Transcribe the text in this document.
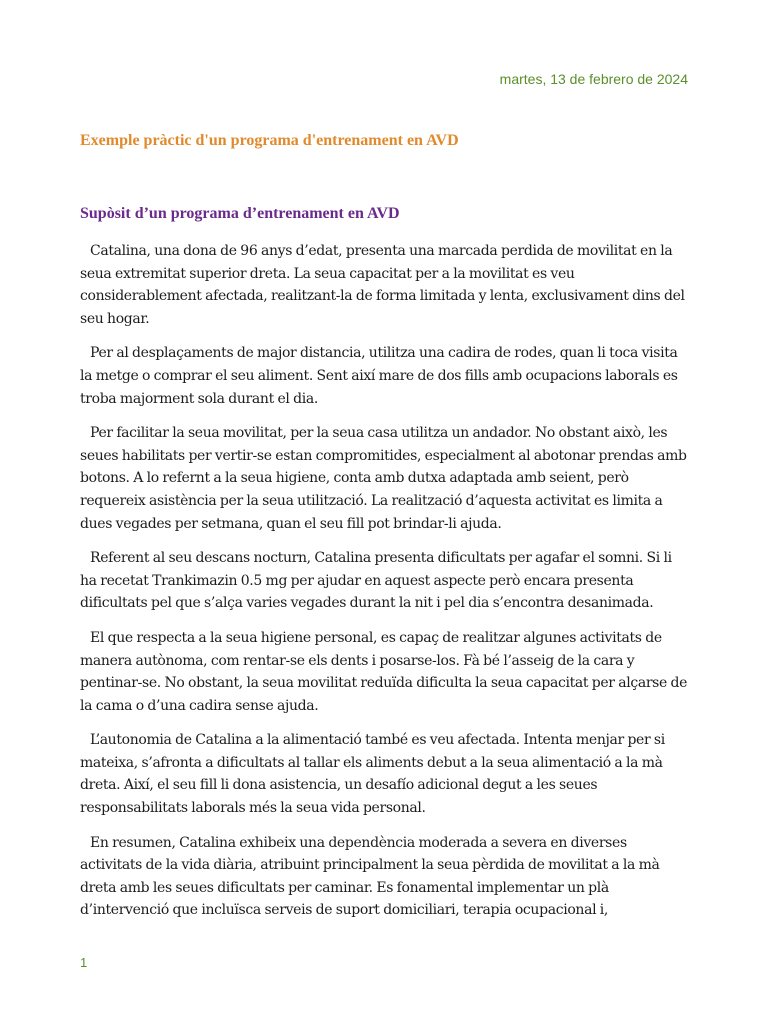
martes, 13 de febrero de 2024
Exemple pràctic d'un programa d'entrenament en AVD
Supòsit d’un programa d’entrenament en AVD

Catalina, una dona de 96 anys d’edat, presenta una marcada perdida de movilitat en la seua extremitat superior dreta. La seua capacitat per a la movilitat es veu considerablement afectada, realitzant-la de forma limitada y lenta, exclusivament dins del seu hogar.

Per al desplaçaments de major distancia, utilitza una cadira de rodes, quan li toca visita la metge o comprar el seu aliment. Sent així mare de dos fills amb ocupacions laborals es troba majorment sola durant el dia.

Per facilitar la seua movilitat, per la seua casa utilitza un andador. No obstant això, les seues habilitats per vertir-se estan compromitides, especialment al abotonar prendas amb botons. A lo refernt a la seua higiene, conta amb dutxa adaptada amb seient, però requereix asistència per la seua utilització. La realització d’aquesta activitat es limita a dues vegades per setmana, quan el seu fill pot brindar-li ajuda.

Referent al seu descans nocturn, Catalina presenta dificultats per agafar el somni. Si li ha recetat Trankimazin 0.5 mg per ajudar en aquest aspecte però encara presenta dificultats pel que s’alça varies vegades durant la nit i pel dia s’encontra desanimada.

El que respecta a la seua higiene personal, es capaç de realitzar algunes activitats de manera autònoma, com rentar-se els dents i posarse-los. Fà bé l’asseig de la cara y pentinar-se. No obstant, la seua movilitat reduïda dificulta la seua capacitat per alçarse de la cama o d’una cadira sense ajuda.

L’autonomia de Catalina a la alimentació també es veu afectada. Intenta menjar per si mateixa, s’afronta a dificultats al tallar els aliments debut a la seua alimentació a la mà dreta. Així, el seu fill li dona asistencia, un desafío adicional degut a les seues responsabilitats laborals més la seua vida personal.

En resumen, Catalina exhibeix una dependència moderada a severa en diverses activitats de la vida diària, atribuint principalment la seua pèrdida de movilitat a la mà dreta amb les seues dificultats per caminar. Es fonamental implementar un plà d’intervenció que incluïsca serveis de suport domiciliari, terapia ocupacional i,

1
